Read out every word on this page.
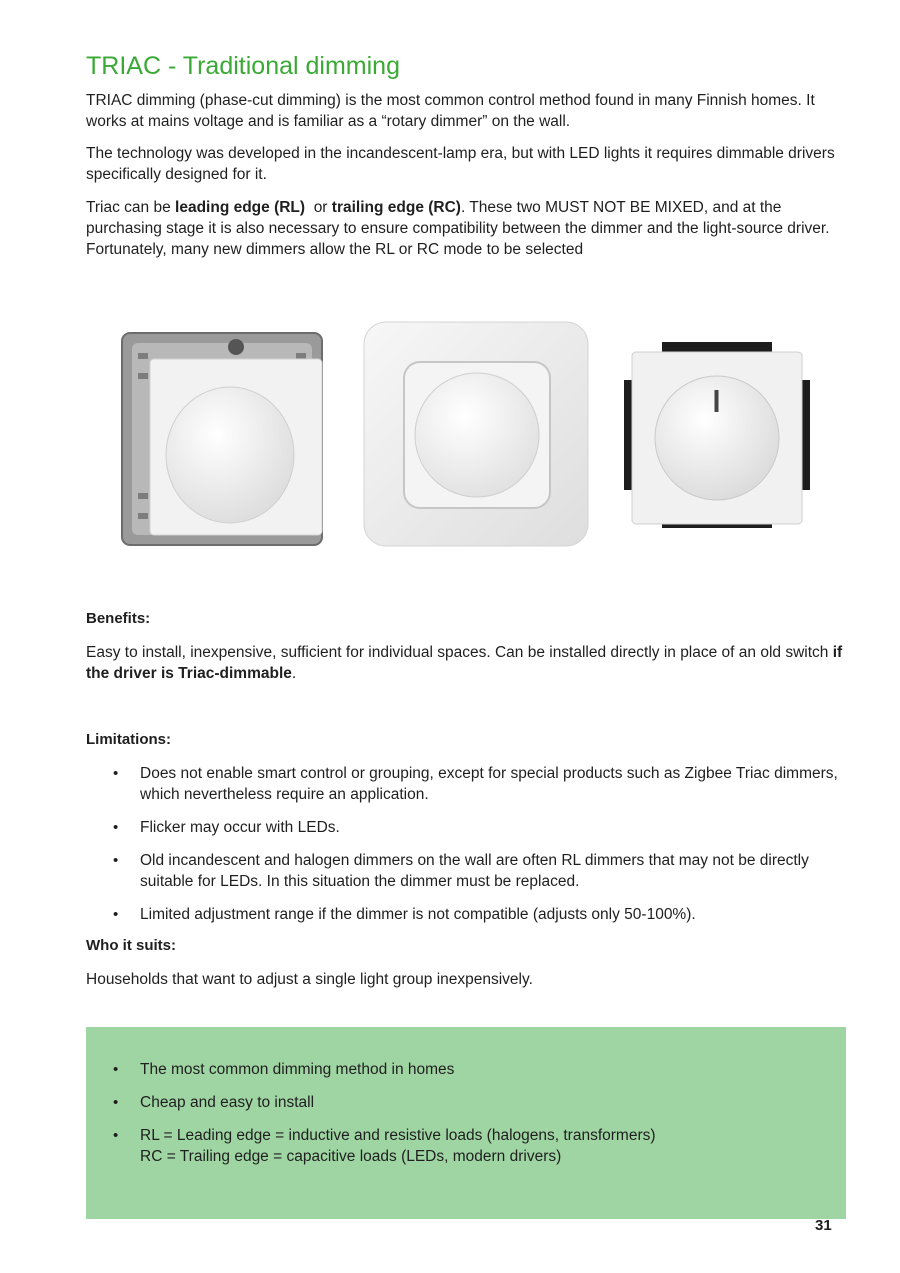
TRIAC - Traditional dimming

TRIAC dimming (phase-cut dimming) is the most common control method found in many Finnish homes. It works at mains voltage and is familiar as a “rotary dimmer” on the wall.

The technology was developed in the incandescent-lamp era, but with LED lights it requires dimmable drivers specifically designed for it.

Triac can be leading edge (RL)  or trailing edge (RC). These two MUST NOT BE MIXED, and at the purchasing stage it is also necessary to ensure compatibility between the dimmer and the light-source driver. Fortunately, many new dimmers allow the RL or RC mode to be selected

Benefits:

Easy to install, inexpensive, sufficient for individual spaces. Can be installed directly in place of an old switch if the driver is Triac-dimmable.

Limitations:
• Does not enable smart control or grouping, except for special products such as Zigbee Triac dimmers, which nevertheless require an application.
• Flicker may occur with LEDs.
• Old incandescent and halogen dimmers on the wall are often RL dimmers that may not be directly suitable for LEDs. In this situation the dimmer must be replaced.
• Limited adjustment range if the dimmer is not compatible (adjusts only 50-100%).
Who it suits:

Households that want to adjust a single light group inexpensively.

• The most common dimming method in homes
• Cheap and easy to install
• RL = Leading edge = inductive and resistive loads (halogens, transformers)
RC = Trailing edge = capacitive loads (LEDs, modern drivers)
31
